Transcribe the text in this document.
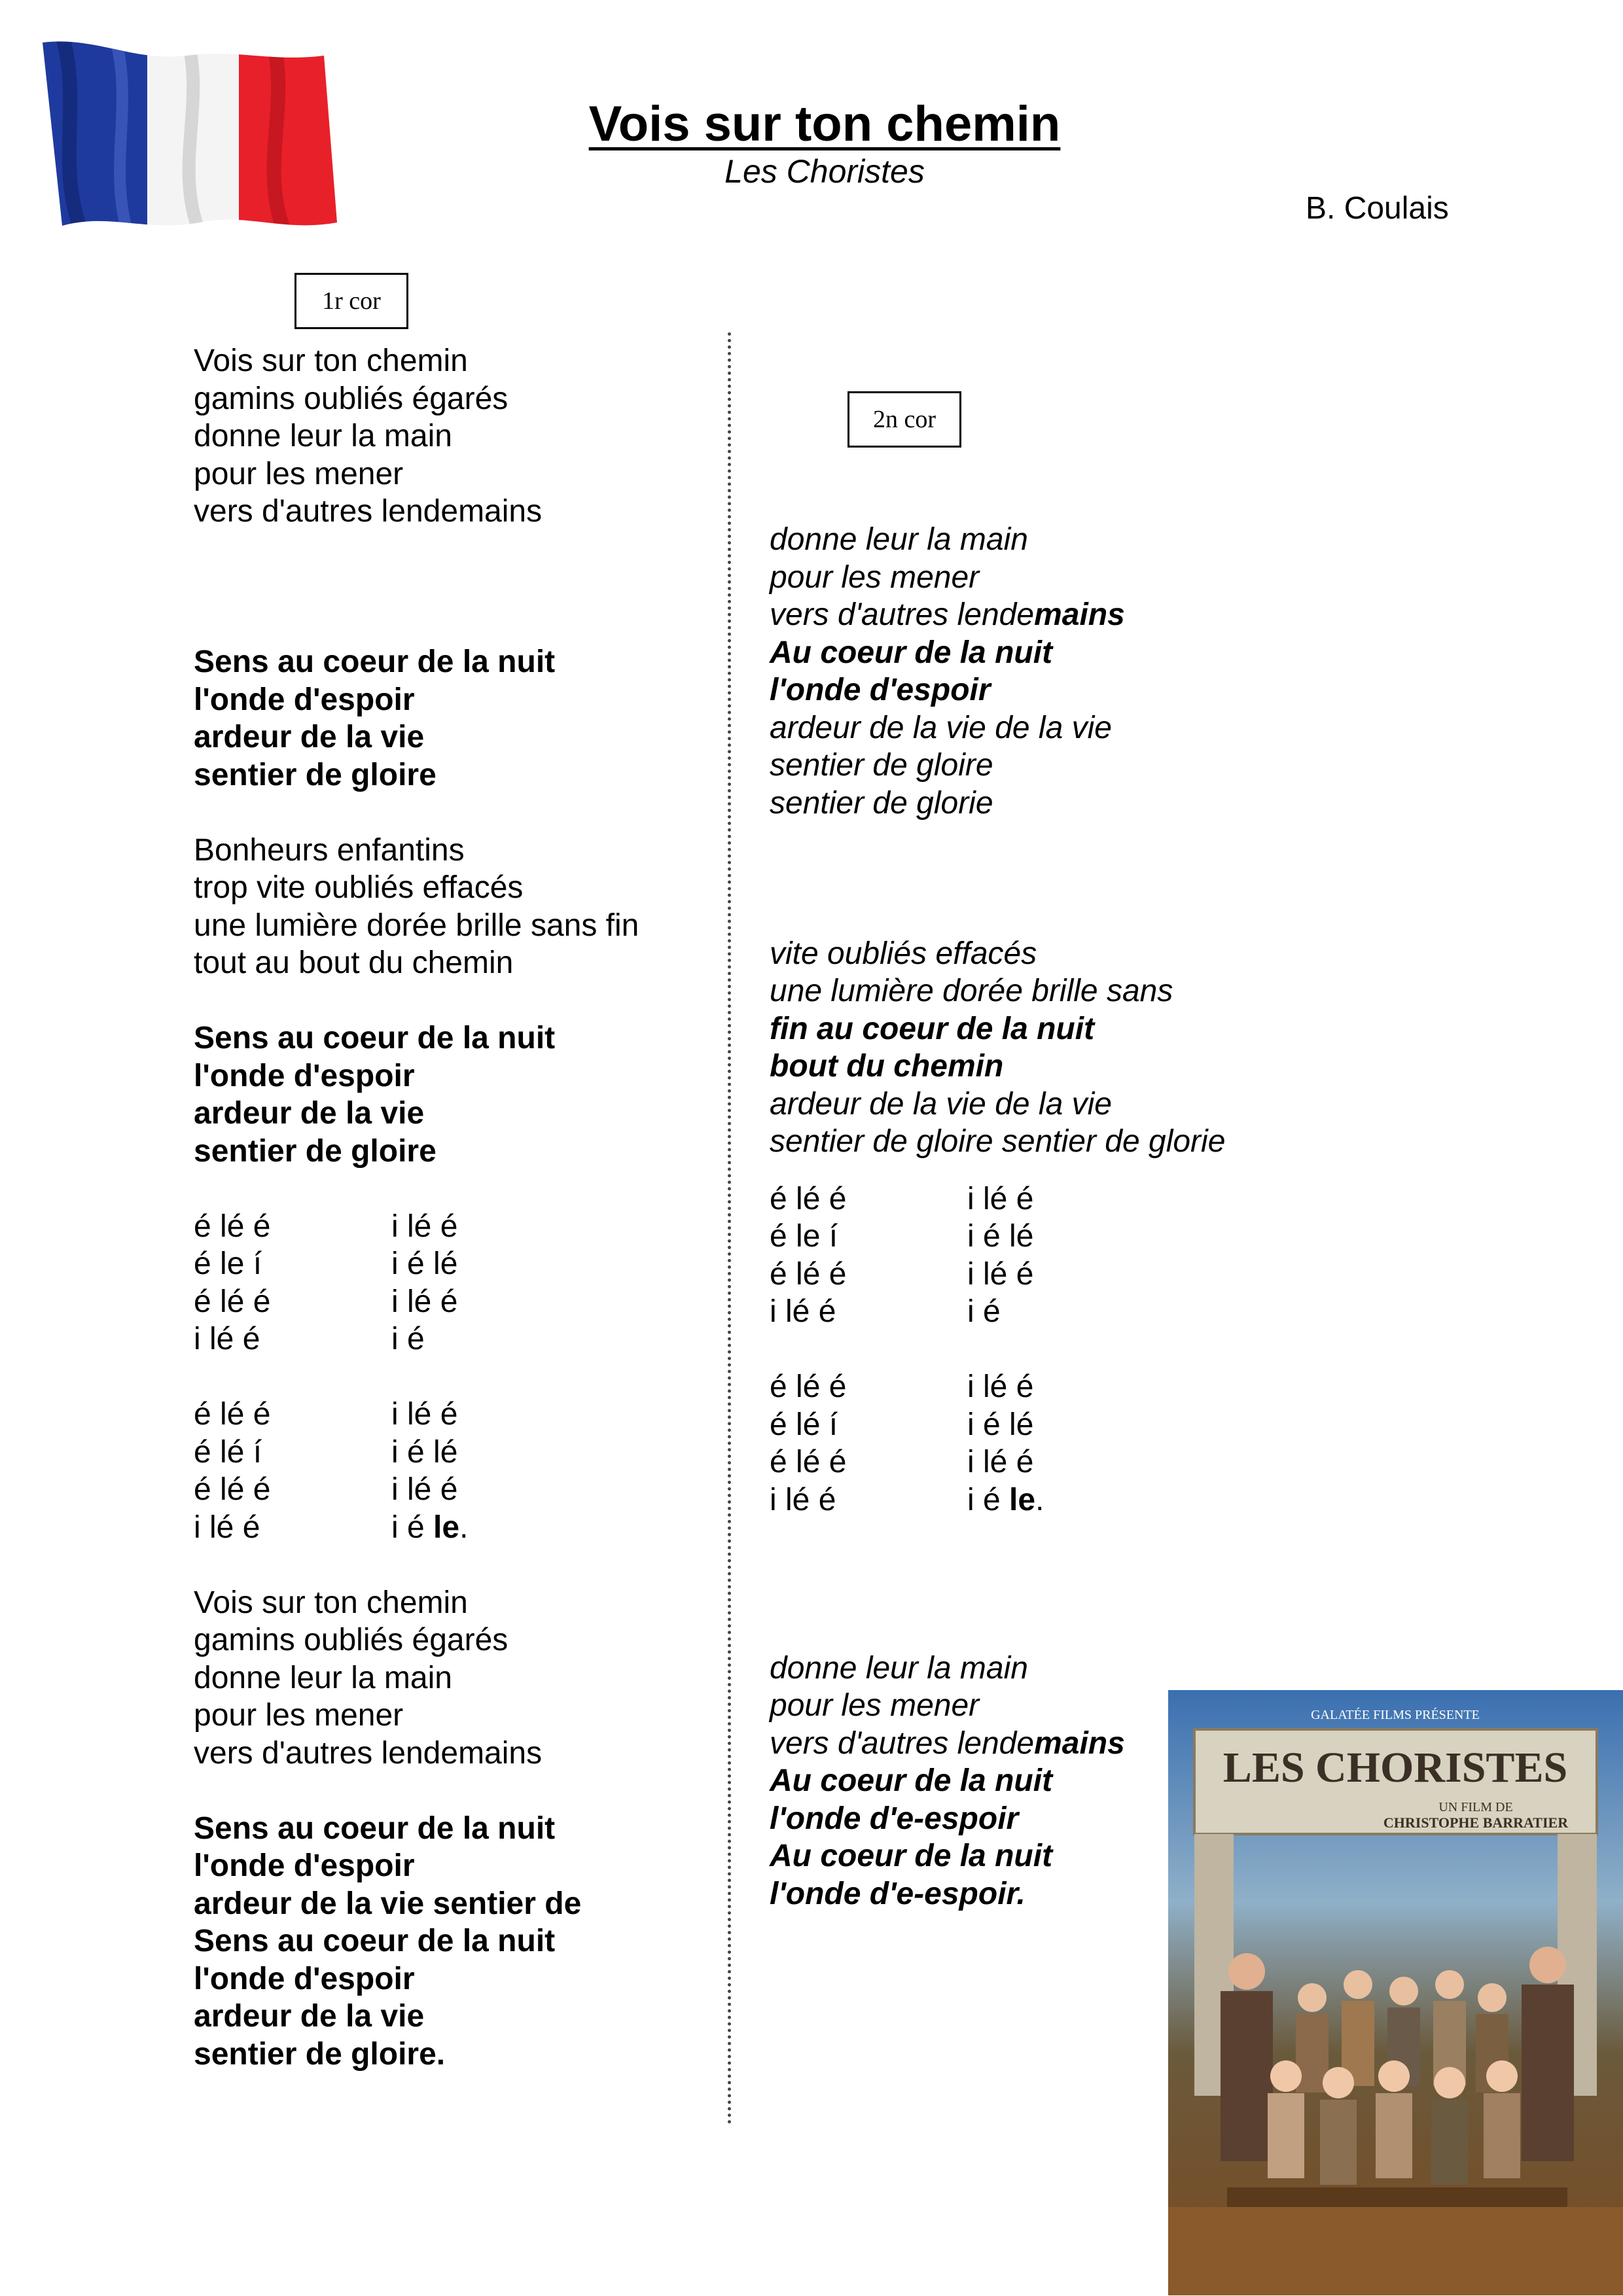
Vois sur ton chemin
Les Choristes
B. Coulais
1r cor
2n cor
Vois sur ton chemin
gamins oubliés égarés
donne leur la main
pour les mener
vers d'autres lendemains
Sens au coeur de la nuit
l'onde d'espoir
ardeur de la vie
sentier de gloire
Bonheurs enfantins
trop vite oubliés effacés
une lumière dorée brille sans fin
tout au bout du chemin
Sens au coeur de la nuit
l'onde d'espoir
ardeur de la vie
sentier de gloire
é lé é	i lé é
é le í	i é lé
é lé é	i lé é
i lé é	i é
é lé é	i lé é
é lé í	i é lé
é lé é	i lé é
i lé é	i é le.
Vois sur ton chemin
gamins oubliés égarés
donne leur la main
pour les mener
vers d'autres lendemains
Sens au coeur de la nuit
l'onde d'espoir
ardeur de la vie sentier de
Sens au coeur de la nuit
l'onde d'espoir
ardeur de la vie
sentier de gloire.
donne leur la main
pour les mener
vers d'autres lendemains
Au coeur de la nuit
l'onde d'espoir
ardeur de la vie de la vie
sentier de gloire
sentier de glorie
vite oubliés effacés
une lumière dorée brille sans
fin au coeur de la nuit
bout du chemin
ardeur de la vie de la vie
sentier de gloire sentier de glorie
é lé é	i lé é
é le í	i é lé
é lé é	i lé é
i lé é	i é
é lé é	i lé é
é lé í	i é lé
é lé é	i lé é
i lé é	i é le.
donne leur la main
pour les mener
vers d'autres lendemains
Au coeur de la nuit
l'onde d'e-espoir
Au coeur de la nuit
l'onde d'e-espoir.
GALATÉE FILMS PRÉSENTE
LES CHORISTES
UN FILM DE
CHRISTOPHE BARRATIER
